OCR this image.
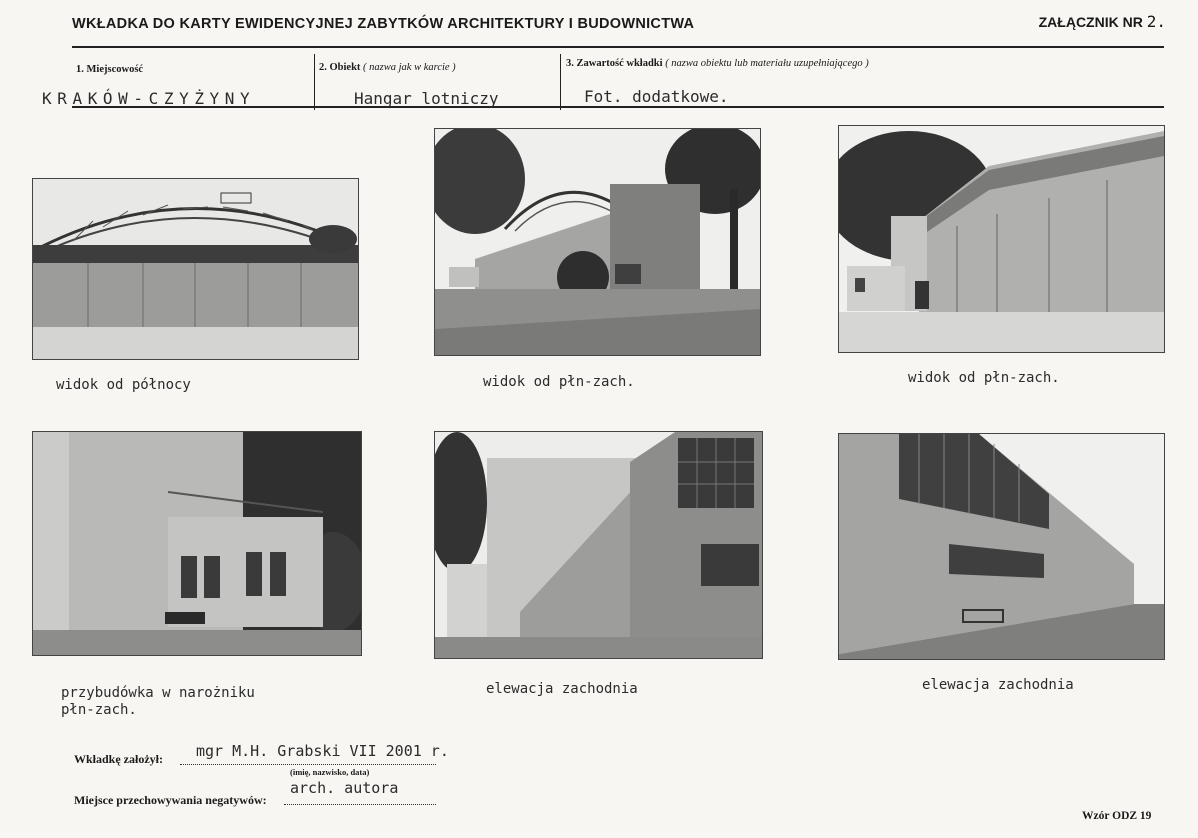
WKŁADKA DO KARTY EWIDENCYJNEJ ZABYTKÓW ARCHITEKTURY I BUDOWNICTWA	ZAŁĄCZNIK NR 2.
1. Miejscowość	2. Obiekt ( nazwa jak w karcie )	3. Zawartość wkładki ( nazwa obiektu lub materiału uzupełniającego )
KRAKÓW-CZYŻYNY	Hangar lotniczy	Fot. dodatkowe.
widok od północy	widok od płn-zach.	widok od płn-zach.
przybudówka w narożniku
płn-zach.
elewacja zachodnia	elewacja zachodnia
Wkładkę założył: mgr M.H. Grabski VII 2001 r.
(imię, nazwisko, data)
Miejsce przechowywania negatywów:
arch. autora
Wzór ODZ 19
